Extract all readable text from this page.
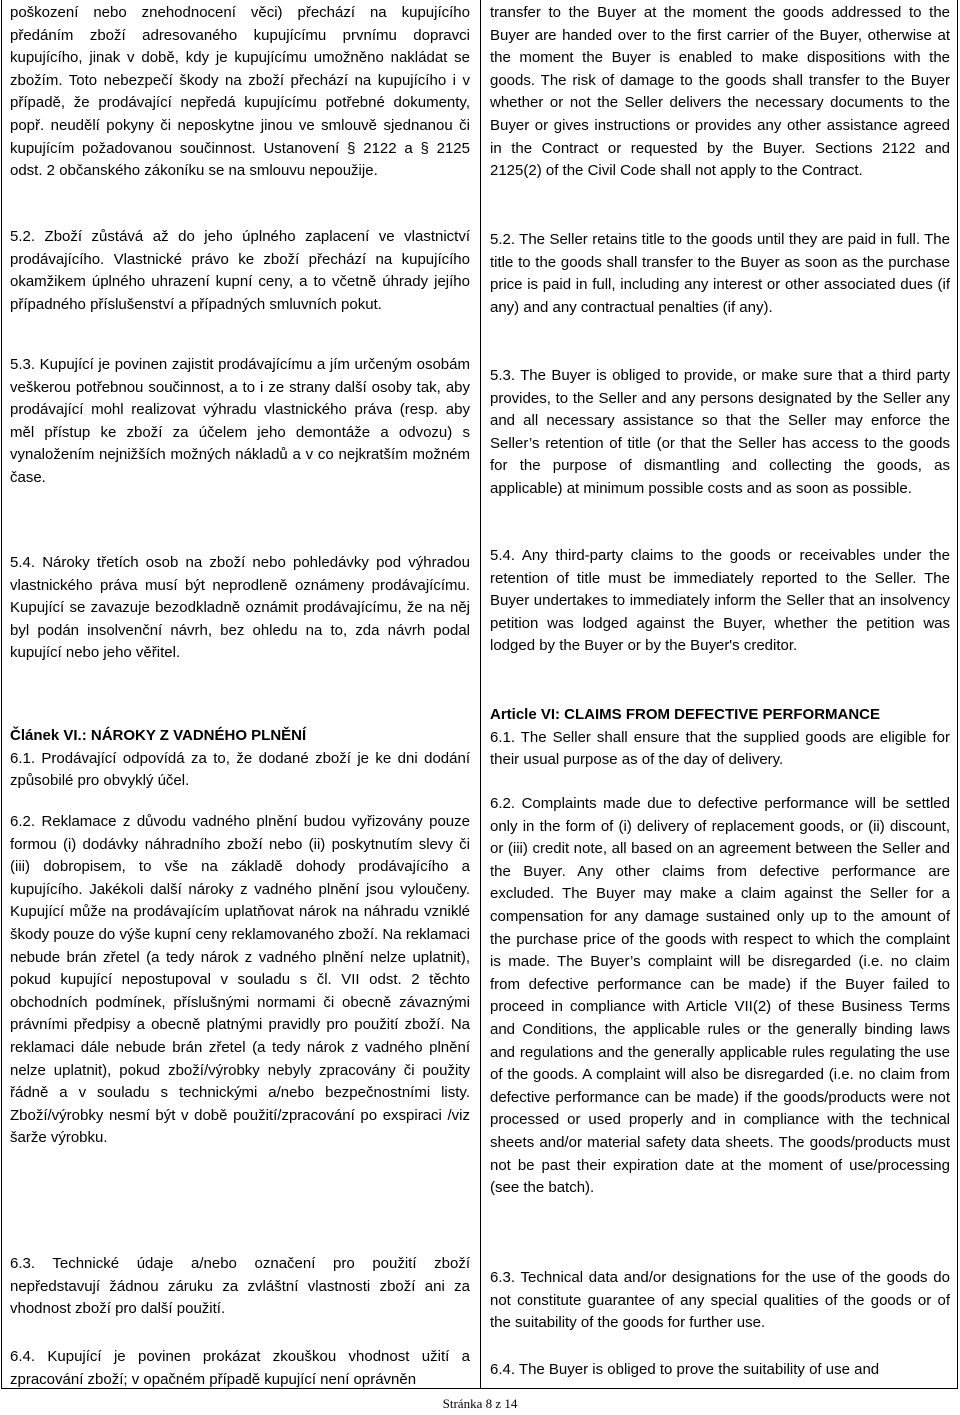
poškození nebo znehodnocení věci) přechází na kupujícího předáním zboží adresovaného kupujícímu prvnímu dopravci kupujícího, jinak v době, kdy je kupujícímu umožněno nakládat se zbožím. Toto nebezpečí škody na zboží přechází na kupujícího i v případě, že prodávající nepředá kupujícímu potřebné dokumenty, popř. neudělí pokyny či neposkytne jinou ve smlouvě sjednanou či kupujícím požadovanou součinnost. Ustanovení § 2122 a § 2125 odst. 2 občanského zákoníku se na smlouvu nepoužije.

5.2. Zboží zůstává až do jeho úplného zaplacení ve vlastnictví prodávajícího. Vlastnické právo ke zboží přechází na kupujícího okamžikem úplného uhrazení kupní ceny, a to včetně úhrady jejího případného příslušenství a případných smluvních pokut.

5.3. Kupující je povinen zajistit prodávajícímu a jím určeným osobám veškerou potřebnou součinnost, a to i ze strany další osoby tak, aby prodávající mohl realizovat výhradu vlastnického práva (resp. aby měl přístup ke zboží za účelem jeho demontáže a odvozu) s vynaložením nejnižších možných nákladů a v co nejkratším možném čase.

5.4. Nároky třetích osob na zboží nebo pohledávky pod výhradou vlastnického práva musí být neprodleně oznámeny prodávajícímu. Kupující se zavazuje bezodkladně oznámit prodávajícímu, že na něj byl podán insolvenční návrh, bez ohledu na to, zda návrh podal kupující nebo jeho věřitel.

Článek VI.: NÁROKY Z VADNÉHO PLNĚNÍ
6.1. Prodávající odpovídá za to, že dodané zboží je ke dni dodání způsobilé pro obvyklý účel.

6.2. Reklamace z důvodu vadného plnění budou vyřizovány pouze formou (i) dodávky náhradního zboží nebo (ii) poskytnutím slevy či (iii) dobropisem, to vše na základě dohody prodávajícího a kupujícího. Jakékoli další nároky z vadného plnění jsou vyloučeny. Kupující může na prodávajícím uplatňovat nárok na náhradu vzniklé škody pouze do výše kupní ceny reklamovaného zboží. Na reklamaci nebude brán zřetel (a tedy nárok z vadného plnění nelze uplatnit), pokud kupující nepostupoval v souladu s čl. VII odst. 2 těchto obchodních podmínek, příslušnými normami či obecně závaznými právními předpisy a obecně platnými pravidly pro použití zboží. Na reklamaci dále nebude brán zřetel (a tedy nárok z vadného plnění nelze uplatnit), pokud zboží/výrobky nebyly zpracovány či použity řádně a v souladu s technickými a/nebo bezpečnostními listy. Zboží/výrobky nesmí být v době použití/zpracování po exspiraci /viz šarže výrobku.

6.3. Technické údaje a/nebo označení pro použití zboží nepředstavují žádnou záruku za zvláštní vlastnosti zboží ani za vhodnost zboží pro další použití.

6.4. Kupující je povinen prokázat zkouškou vhodnost užití a zpracování zboží; v opačném případě kupující není oprávněn

transfer to the Buyer at the moment the goods addressed to the Buyer are handed over to the first carrier of the Buyer, otherwise at the moment the Buyer is enabled to make dispositions with the goods. The risk of damage to the goods shall transfer to the Buyer whether or not the Seller delivers the necessary documents to the Buyer or gives instructions or provides any other assistance agreed in the Contract or requested by the Buyer. Sections 2122 and 2125(2) of the Civil Code shall not apply to the Contract.

5.2. The Seller retains title to the goods until they are paid in full. The title to the goods shall transfer to the Buyer as soon as the purchase price is paid in full, including any interest or other associated dues (if any) and any contractual penalties (if any).

5.3. The Buyer is obliged to provide, or make sure that a third party provides, to the Seller and any persons designated by the Seller any and all necessary assistance so that the Seller may enforce the Seller’s retention of title (or that the Seller has access to the goods for the purpose of dismantling and collecting the goods, as applicable) at minimum possible costs and as soon as possible.

5.4. Any third-party claims to the goods or receivables under the retention of title must be immediately reported to the Seller. The Buyer undertakes to immediately inform the Seller that an insolvency petition was lodged against the Buyer, whether the petition was lodged by the Buyer or by the Buyer's creditor.

Article VI: CLAIMS FROM DEFECTIVE PERFORMANCE
6.1. The Seller shall ensure that the supplied goods are eligible for their usual purpose as of the day of delivery.

6.2. Complaints made due to defective performance will be settled only in the form of (i) delivery of replacement goods, or (ii) discount, or (iii) credit note, all based on an agreement between the Seller and the Buyer. Any other claims from defective performance are excluded. The Buyer may make a claim against the Seller for a compensation for any damage sustained only up to the amount of the purchase price of the goods with respect to which the complaint is made. The Buyer’s complaint will be disregarded (i.e. no claim from defective performance can be made) if the Buyer failed to proceed in compliance with Article VII(2) of these Business Terms and Conditions, the applicable rules or the generally binding laws and regulations and the generally applicable rules regulating the use of the goods. A complaint will also be disregarded (i.e. no claim from defective performance can be made) if the goods/products were not processed or used properly and in compliance with the technical sheets and/or material safety data sheets. The goods/products must not be past their expiration date at the moment of use/processing (see the batch).

6.3. Technical data and/or designations for the use of the goods do not constitute guarantee of any special qualities of the goods or of the suitability of the goods for further use.

6.4. The Buyer is obliged to prove the suitability of use and

Stránka 8 z 14
